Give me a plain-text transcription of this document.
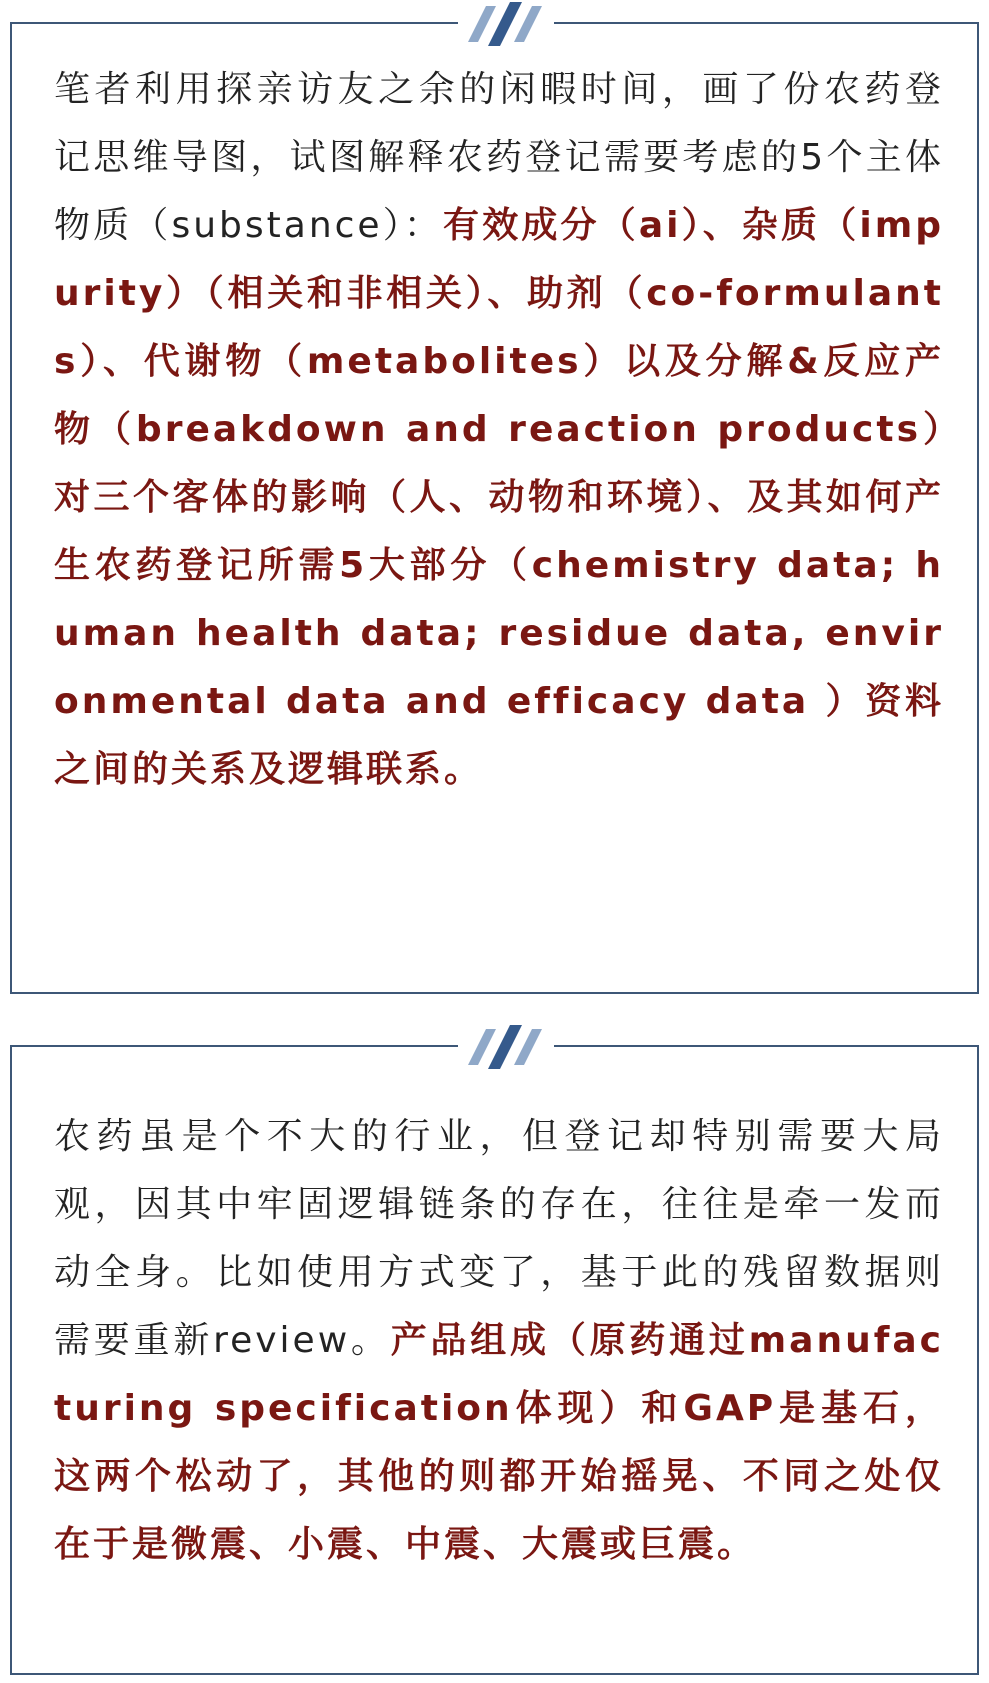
笔者利用探亲访友之余的闲暇时间，画了份农药登记思维导图，试图解释农药登记需要考虑的5个主体物质（substance）：有效成分（ai）、杂质（impurity）（相关和非相关）、助剂（co-formulants）、代谢物（metabolites）以及分解&反应产物（breakdown and reaction products）对三个客体的影响（人、动物和环境）、及其如何产生农药登记所需5大部分（chemistry data; human health data; residue data, environmental data and efficacy data ）资料之间的关系及逻辑联系。

农药虽是个不大的行业，但登记却特别需要大局观，因其中牢固逻辑链条的存在，往往是牵一发而动全身。比如使用方式变了，基于此的残留数据则需要重新review。产品组成（原药通过manufacturing specification体现）和GAP是基石，这两个松动了，其他的则都开始摇晃、不同之处仅在于是微震、小震、中震、大震或巨震。
